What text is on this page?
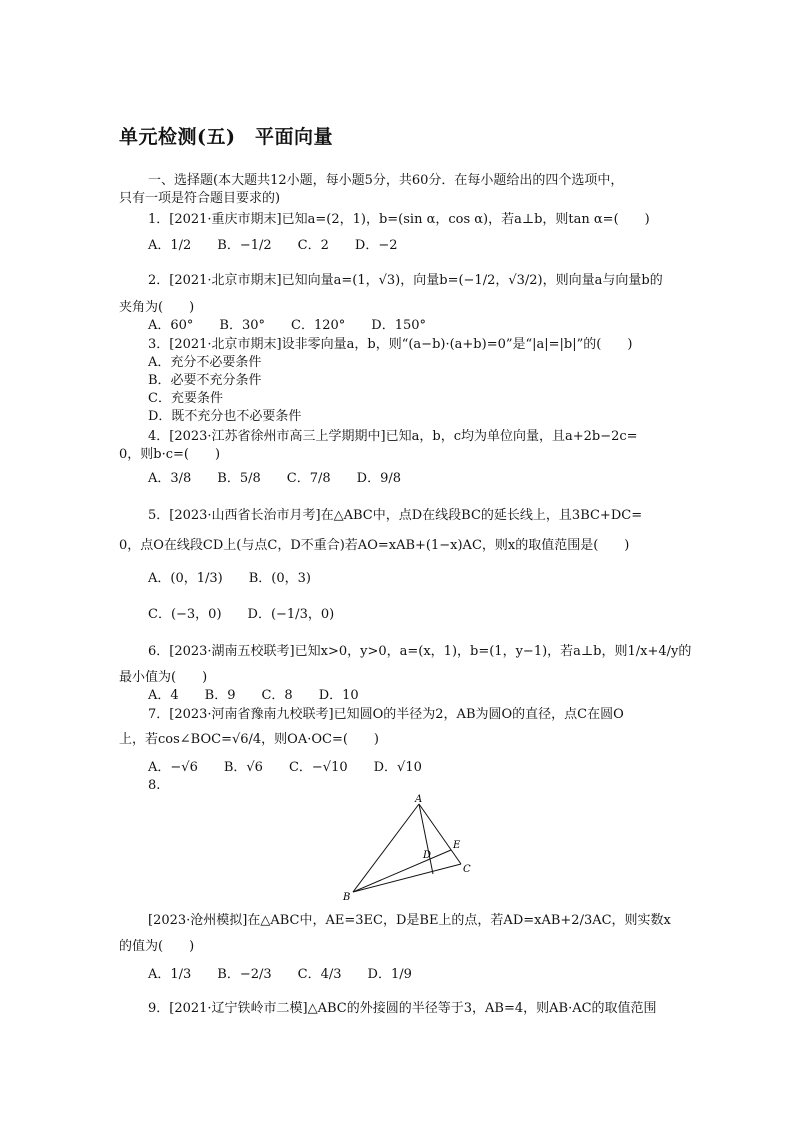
单元检测(五)　平面向量
一、选择题(本大题共12小题，每小题5分，共60分．在每小题给出的四个选项中，
只有一项是符合题目要求的)
1．[2021·重庆市期末]已知a=(2，1)，b=(sin α，cos α)，若a⊥b，则tan α=(　　)
A．1/2　　B．−1/2　　C．2　　D．−2
2．[2021·北京市期末]已知向量a=(1，√3)，向量b=(−1/2，√3/2)，则向量a与向量b的
夹角为(　　)
A．60°　　B．30°　　C．120°　　D．150°
3．[2021·北京市期末]设非零向量a，b，则“(a−b)·(a+b)=0”是“|a|=|b|”的(　　)
A．充分不必要条件
B．必要不充分条件
C．充要条件
D．既不充分也不必要条件
4．[2023·江苏省徐州市高三上学期期中]已知a，b，c均为单位向量，且a+2b−2c=
0，则b·c=(　　)
A．3/8　　B．5/8　　C．7/8　　D．9/8
5．[2023·山西省长治市月考]在△ABC中，点D在线段BC的延长线上，且3BC+DC=
0，点O在线段CD上(与点C，D不重合)若AO=xAB+(1−x)AC，则x的取值范围是(　　)
A．(0，1/3)　　B．(0，3)
C．(−3，0)　　D．(−1/3，0)
6．[2023·湖南五校联考]已知x>0，y>0，a=(x，1)，b=(1，y−1)，若a⊥b，则1/x+4/y的
最小值为(　　)
A．4　　B．9　　C．8　　D．10
7．[2023·河南省豫南九校联考]已知圆O的半径为2，AB为圆O的直径，点C在圆O
上，若cos∠BOC=√6/4，则OA·OC=(　　)
A．−√6　　B．√6　　C．−√10　　D．√10
8.
A
B
C
D
E
[2023·沧州模拟]在△ABC中，AE=3EC，D是BE上的点，若AD=xAB+2/3AC，则实数x
的值为(　　)
A．1/3　　B．−2/3　　C．4/3　　D．1/9
9．[2021·辽宁铁岭市二模]△ABC的外接圆的半径等于3，AB=4，则AB·AC的取值范围
